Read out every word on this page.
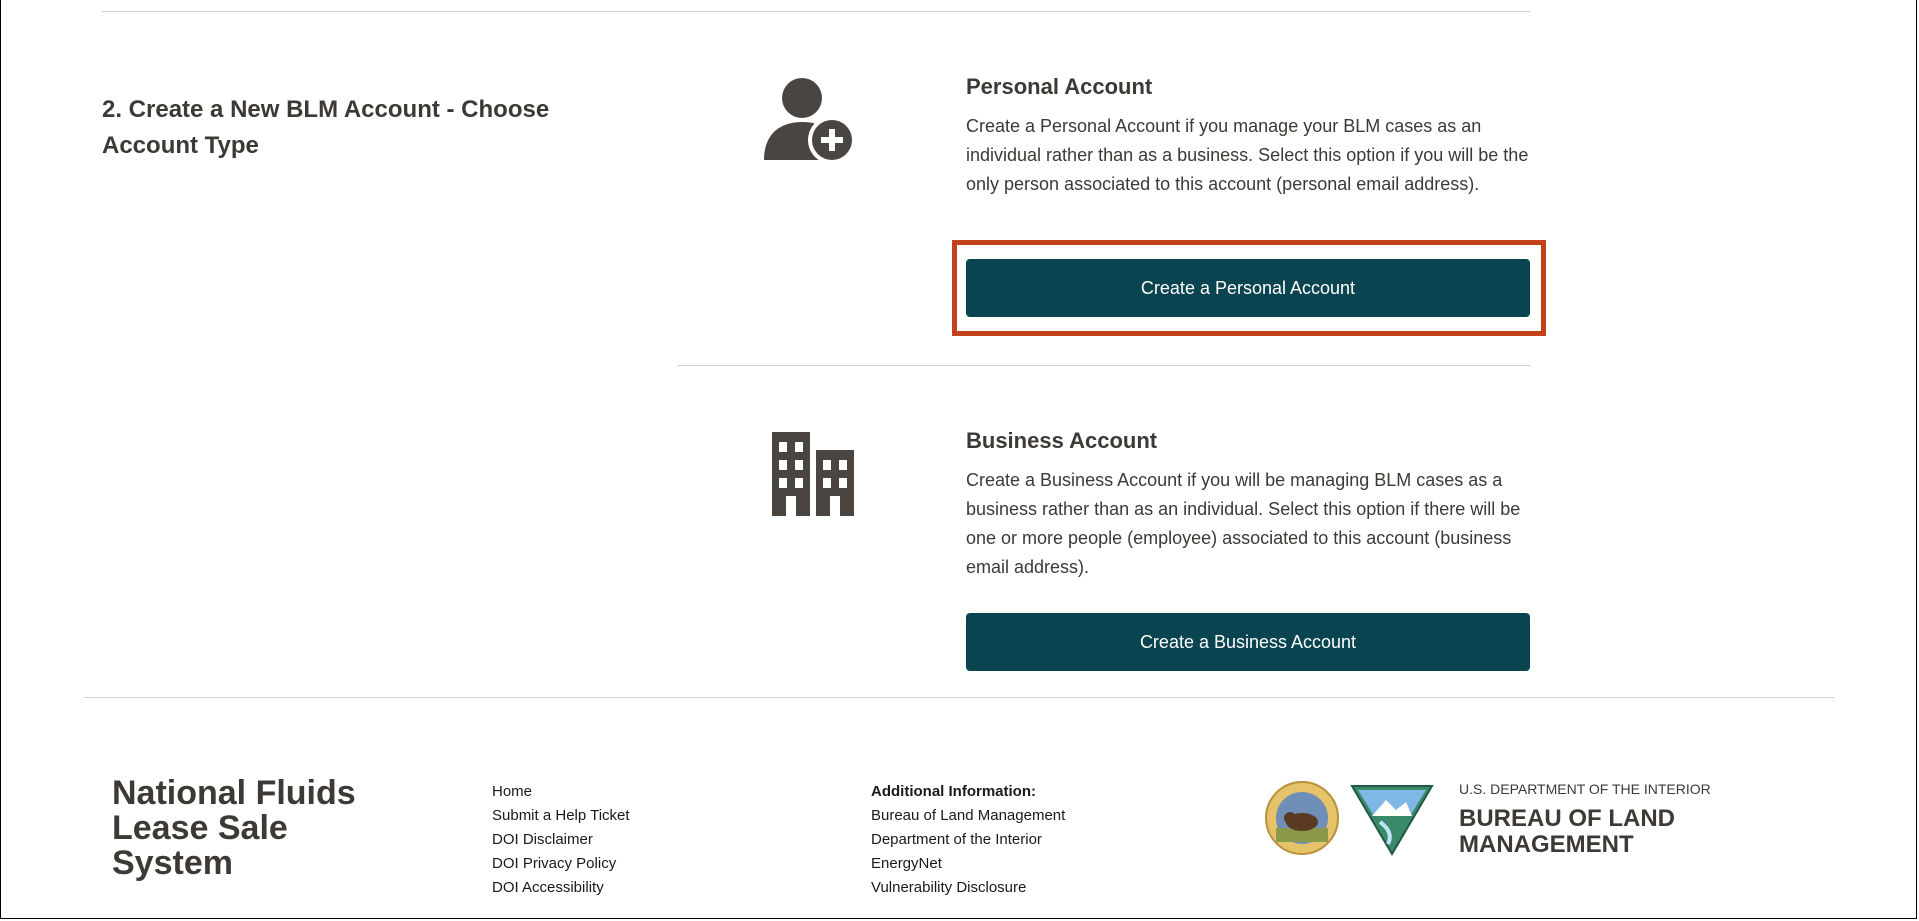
2. Create a New BLM Account - Choose Account Type
Personal Account
Create a Personal Account if you manage your BLM cases as an individual rather than as a business. Select this option if you will be the only person associated to this account (personal email address).
Create a Personal Account
Business Account
Create a Business Account if you will be managing BLM cases as a business rather than as an individual. Select this option if there will be one or more people (employee) associated to this account (business email address).
Create a Business Account
National Fluids Lease Sale System
Home
Submit a Help Ticket
DOI Disclaimer
DOI Privacy Policy
DOI Accessibility
Additional Information:
Bureau of Land Management
Department of the Interior
EnergyNet
Vulnerability Disclosure
U.S. DEPARTMENT OF THE INTERIOR
BUREAU OF LAND
MANAGEMENT
